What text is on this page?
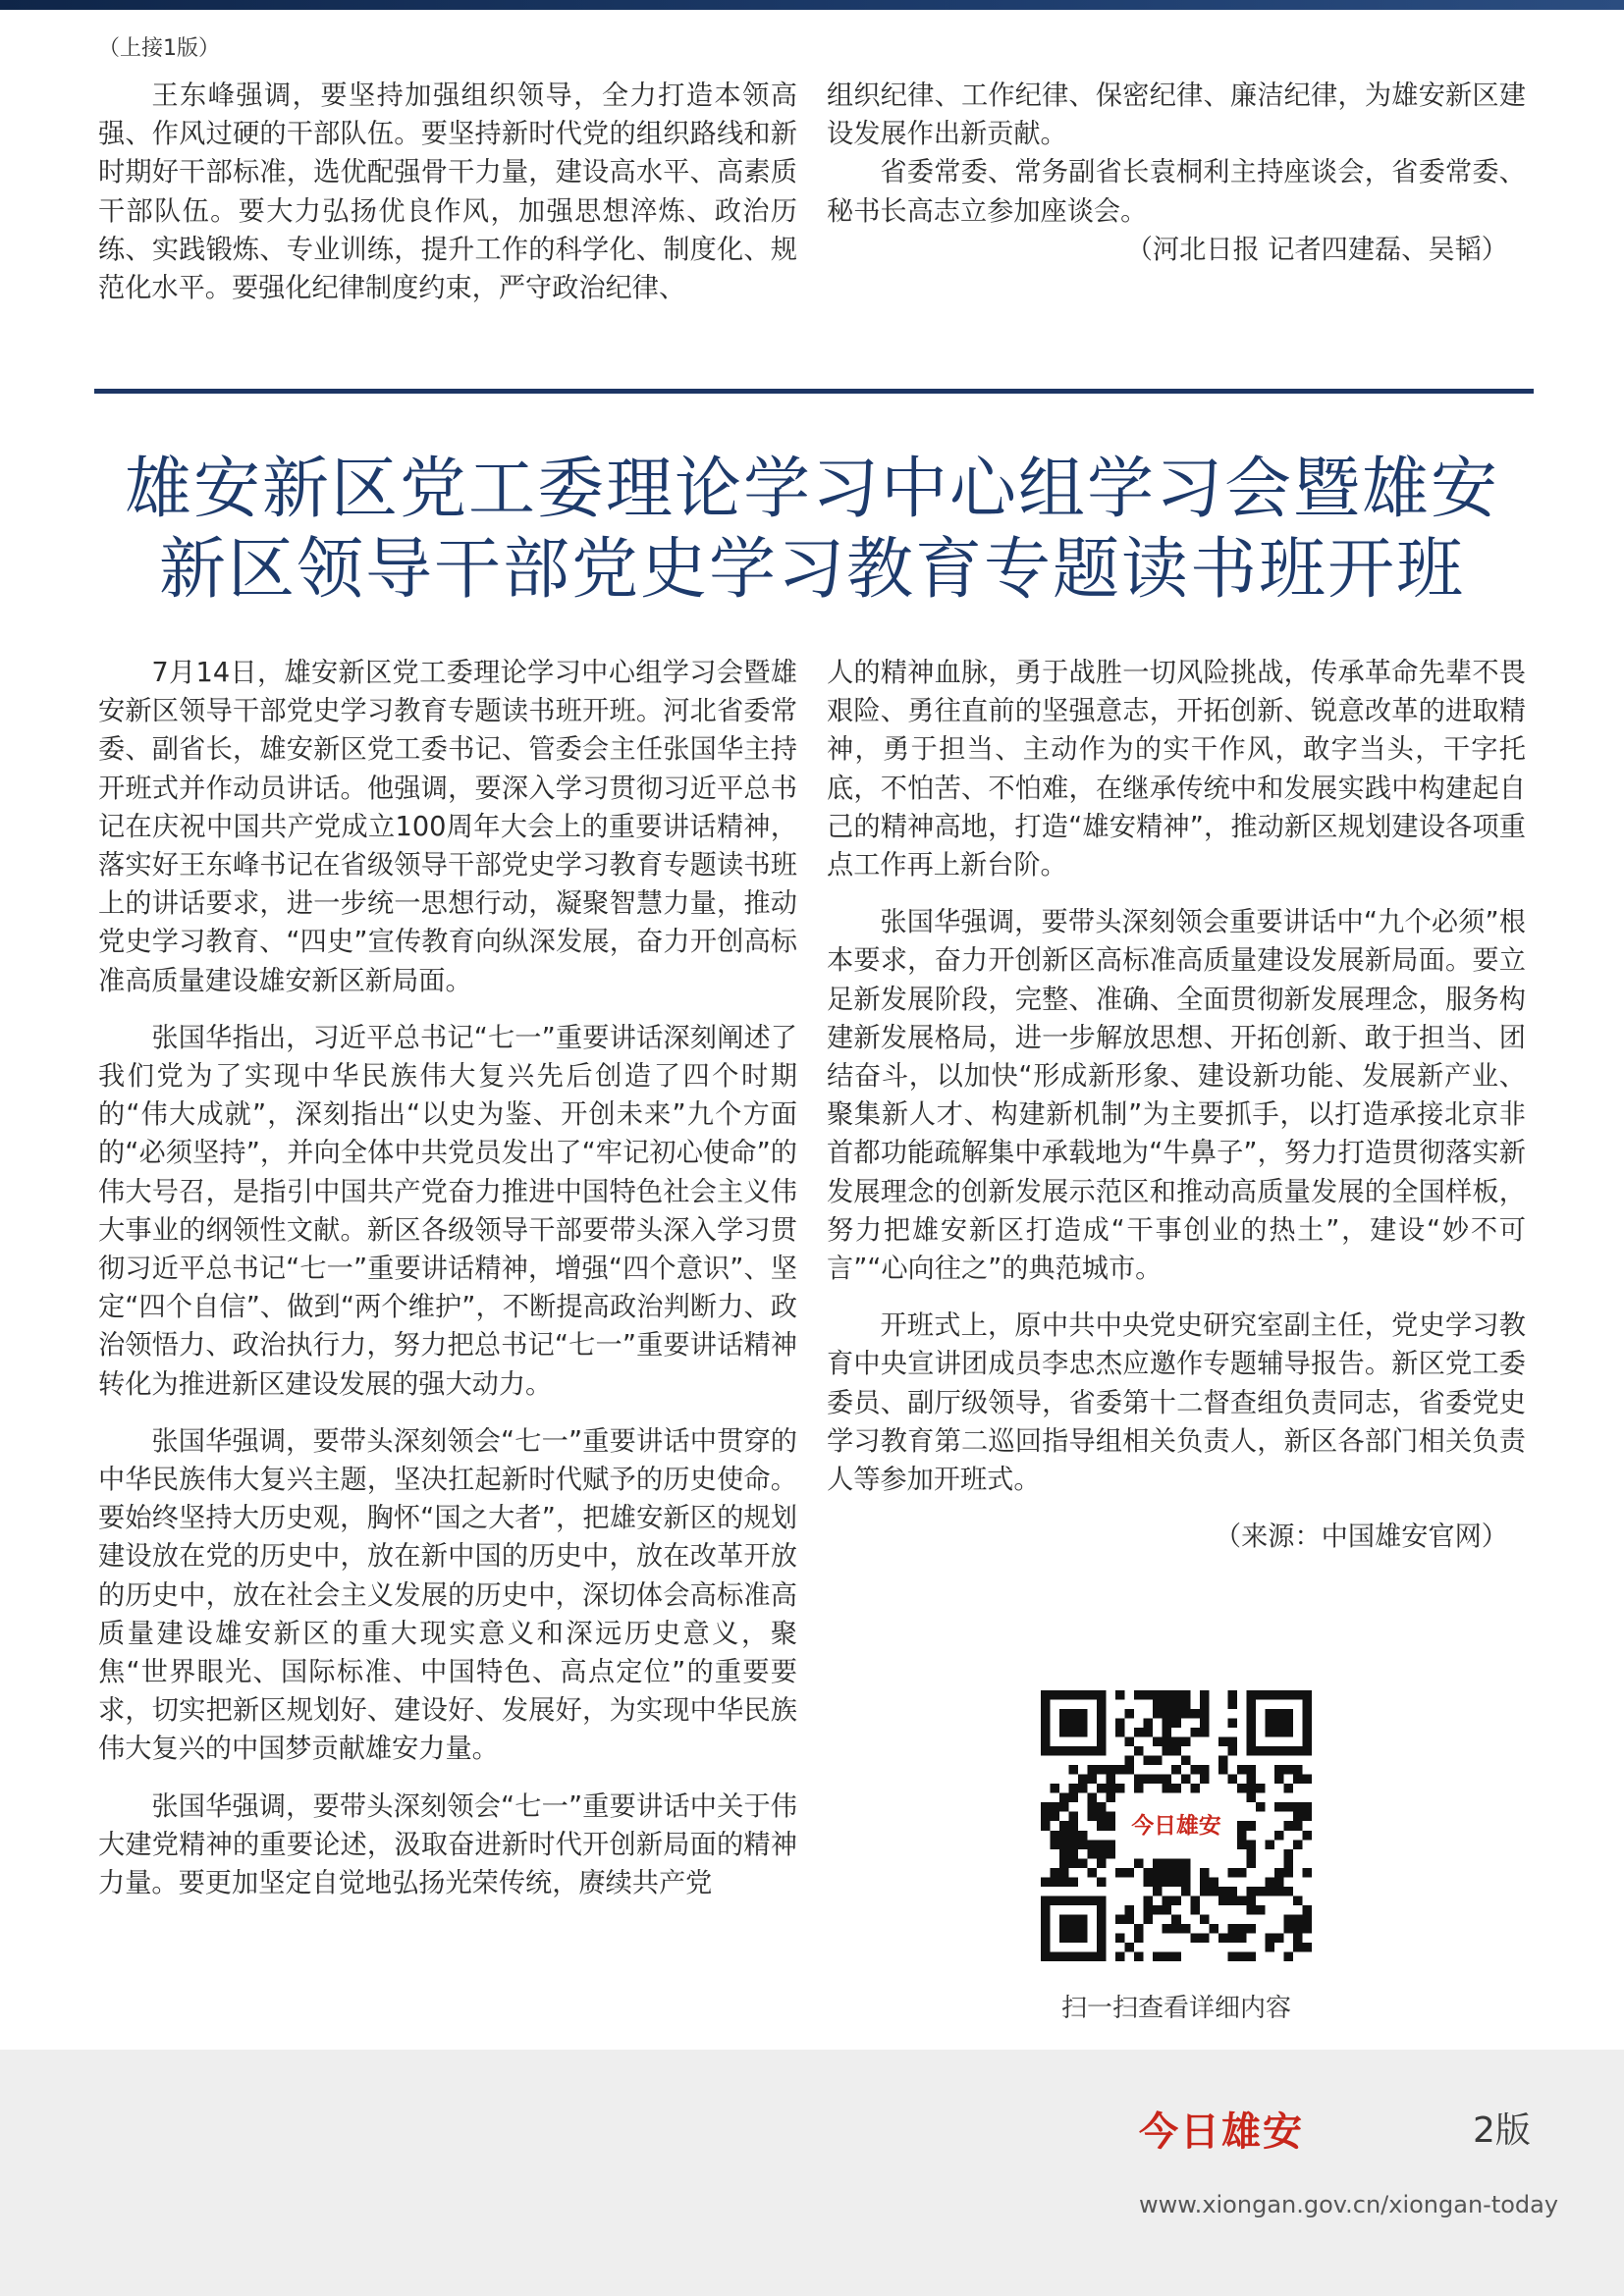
（上接1版）

王东峰强调，要坚持加强组织领导，全力打造本领高强、作风过硬的干部队伍。要坚持新时代党的组织路线和新时期好干部标准，选优配强骨干力量，建设高水平、高素质干部队伍。要大力弘扬优良作风，加强思想淬炼、政治历练、实践锻炼、专业训练，提升工作的科学化、制度化、规范化水平。要强化纪律制度约束，严守政治纪律、

组织纪律、工作纪律、保密纪律、廉洁纪律，为雄安新区建设发展作出新贡献。

省委常委、常务副省长袁桐利主持座谈会，省委常委、秘书长高志立参加座谈会。

（河北日报 记者四建磊、吴韬）

雄安新区党工委理论学习中心组学习会暨雄安
新区领导干部党史学习教育专题读书班开班

7月14日，雄安新区党工委理论学习中心组学习会暨雄安新区领导干部党史学习教育专题读书班开班。河北省委常委、副省长，雄安新区党工委书记、管委会主任张国华主持开班式并作动员讲话。他强调，要深入学习贯彻习近平总书记在庆祝中国共产党成立100周年大会上的重要讲话精神，落实好王东峰书记在省级领导干部党史学习教育专题读书班上的讲话要求，进一步统一思想行动，凝聚智慧力量，推动党史学习教育、“四史”宣传教育向纵深发展，奋力开创高标准高质量建设雄安新区新局面。

张国华指出，习近平总书记“七一”重要讲话深刻阐述了我们党为了实现中华民族伟大复兴先后创造了四个时期的“伟大成就”，深刻指出“以史为鉴、开创未来”九个方面的“必须坚持”，并向全体中共党员发出了“牢记初心使命”的伟大号召，是指引中国共产党奋力推进中国特色社会主义伟大事业的纲领性文献。新区各级领导干部要带头深入学习贯彻习近平总书记“七一”重要讲话精神，增强“四个意识”、坚定“四个自信”、做到“两个维护”，不断提高政治判断力、政治领悟力、政治执行力，努力把总书记“七一”重要讲话精神转化为推进新区建设发展的强大动力。

张国华强调，要带头深刻领会“七一”重要讲话中贯穿的中华民族伟大复兴主题，坚决扛起新时代赋予的历史使命。要始终坚持大历史观，胸怀“国之大者”，把雄安新区的规划建设放在党的历史中，放在新中国的历史中，放在改革开放的历史中，放在社会主义发展的历史中，深切体会高标准高质量建设雄安新区的重大现实意义和深远历史意义，聚焦“世界眼光、国际标准、中国特色、高点定位”的重要要求，切实把新区规划好、建设好、发展好，为实现中华民族伟大复兴的中国梦贡献雄安力量。

张国华强调，要带头深刻领会“七一”重要讲话中关于伟大建党精神的重要论述，汲取奋进新时代开创新局面的精神力量。要更加坚定自觉地弘扬光荣传统，赓续共产党

人的精神血脉，勇于战胜一切风险挑战，传承革命先辈不畏艰险、勇往直前的坚强意志，开拓创新、锐意改革的进取精神，勇于担当、主动作为的实干作风，敢字当头，干字托底，不怕苦、不怕难，在继承传统中和发展实践中构建起自己的精神高地，打造“雄安精神”，推动新区规划建设各项重点工作再上新台阶。

张国华强调，要带头深刻领会重要讲话中“九个必须”根本要求，奋力开创新区高标准高质量建设发展新局面。要立足新发展阶段，完整、准确、全面贯彻新发展理念，服务构建新发展格局，进一步解放思想、开拓创新、敢于担当、团结奋斗，以加快“形成新形象、建设新功能、发展新产业、聚集新人才、构建新机制”为主要抓手，以打造承接北京非首都功能疏解集中承载地为“牛鼻子”，努力打造贯彻落实新发展理念的创新发展示范区和推动高质量发展的全国样板，努力把雄安新区打造成“干事创业的热土”，建设“妙不可言”“心向往之”的典范城市。

开班式上，原中共中央党史研究室副主任，党史学习教育中央宣讲团成员李忠杰应邀作专题辅导报告。新区党工委委员、副厅级领导，省委第十二督查组负责同志，省委党史学习教育第二巡回指导组相关负责人，新区各部门相关负责人等参加开班式。

（来源：中国雄安官网）

今日雄安
扫一扫查看详细内容
今日雄安	2版
www.xiongan.gov.cn/xiongan-today
